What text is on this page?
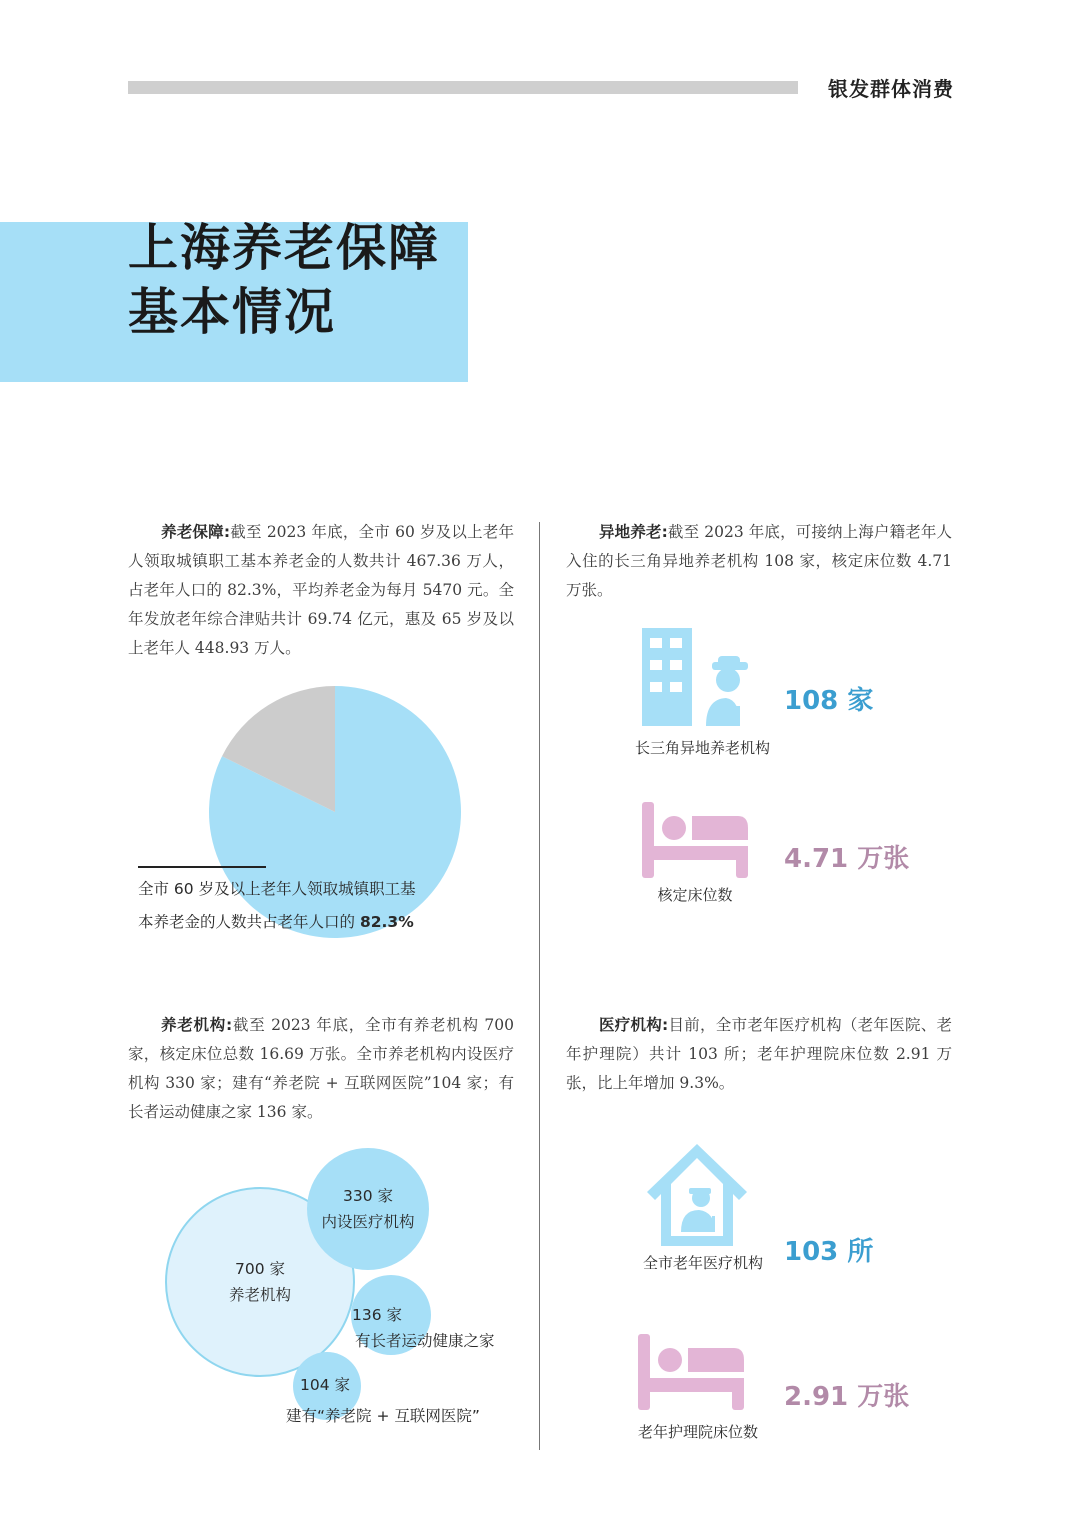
银发群体消费
上海养老保障
基本情况
养老保障:截至 2023 年底，全市 60 岁及以上老年人领取城镇职工基本养老金的人数共计 467.36 万人，占老年人口的 82.3%，平均养老金为每月 5470 元。全年发放老年综合津贴共计 69.74 亿元，惠及 65 岁及以上老年人 448.93 万人。
全市 60 岁及以上老年人领取城镇职工基本养老金的人数共占老年人口的 82.3%
异地养老:截至 2023 年底，可接纳上海户籍老年人入住的长三角异地养老机构 108 家，核定床位数 4.71 万张。
108 家
长三角异地养老机构
4.71 万张
核定床位数
养老机构:截至 2023 年底，全市有养老机构 700 家，核定床位总数 16.69 万张。全市养老机构内设医疗机构 330 家；建有“养老院 + 互联网医院”104 家；有长者运动健康之家 136 家。
700 家
养老机构
330 家
内设医疗机构
136 家
有长者运动健康之家
104 家
建有“养老院 + 互联网医院”
医疗机构:目前，全市老年医疗机构（老年医院、老年护理院）共计 103 所；老年护理院床位数 2.91 万张，比上年增加 9.3%。
全市老年医疗机构 103 所
2.91 万张
老年护理院床位数
